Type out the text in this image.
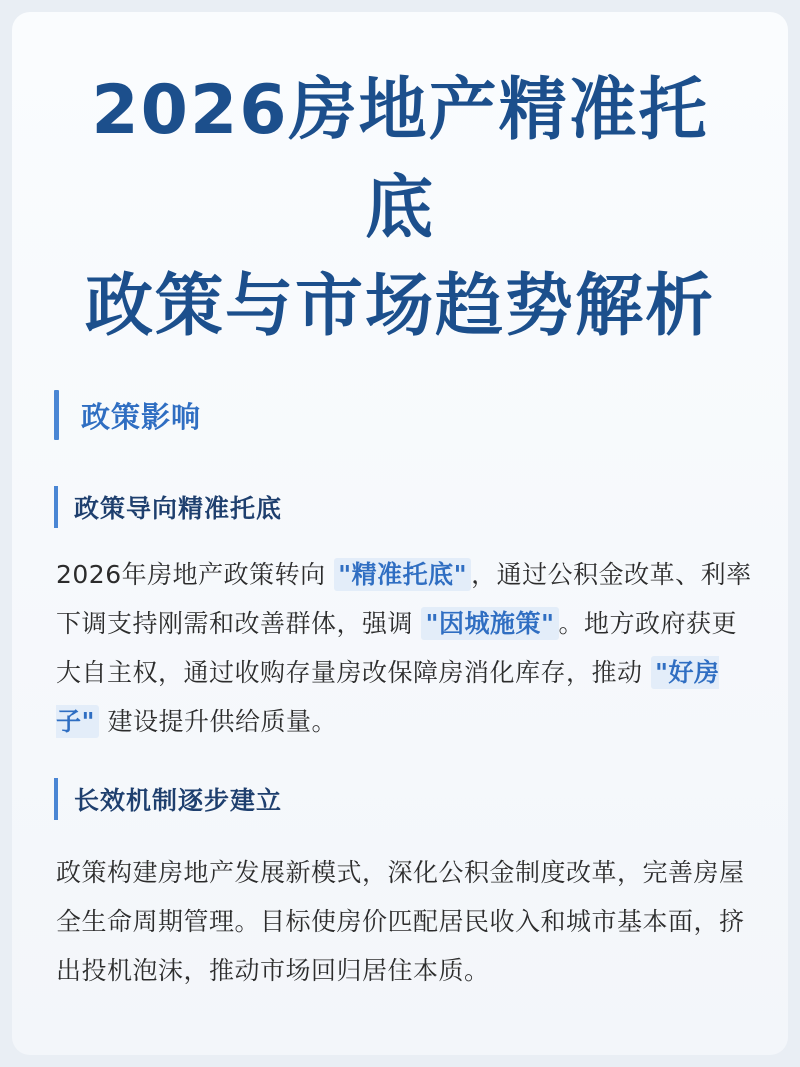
2026房地产精准托
底
政策与市场趋势解析
政策影响
政策导向精准托底

2026年房地产政策转向 "精准托底" ，通过公积金改革、利率下调支持刚需和改善群体，强调 "因城施策" 。地方政府获更大自主权，通过收购存量房改保障房消化库存，推动 "好房子" 建设提升供给质量。

长效机制逐步建立

政策构建房地产发展新模式，深化公积金制度改革，完善房屋全生命周期管理。目标使房价匹配居民收入和城市基本面，挤出投机泡沫，推动市场回归居住本质。
